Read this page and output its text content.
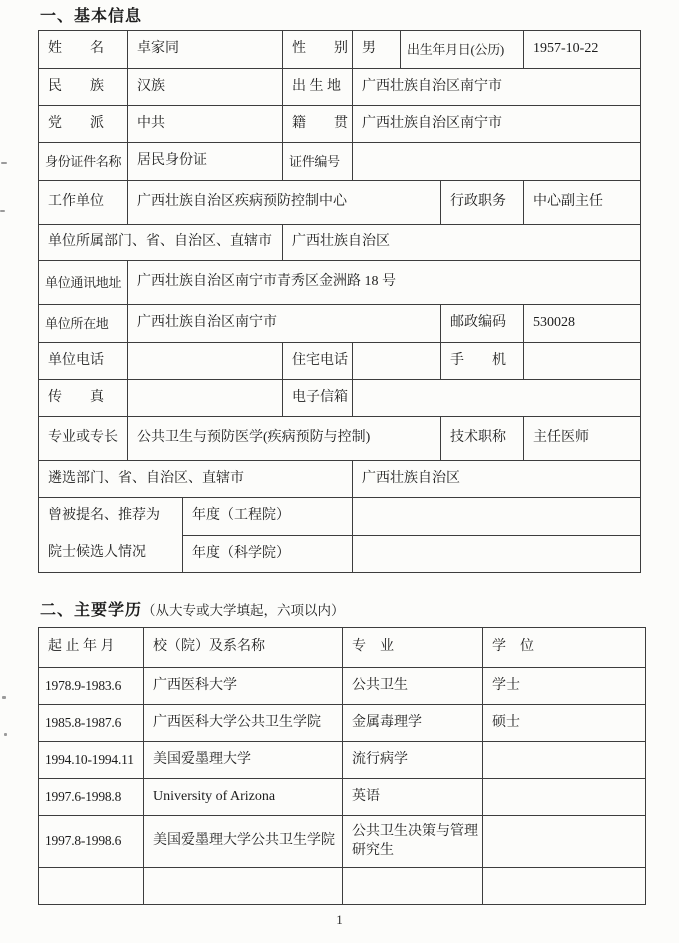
一、基本信息
姓　　名	卓家同		性　　别	男	出生年月日(公历)		1957-10-22
民　　族	汉族		出 生 地	广西壮族自治区南宁市			
党　　派	中共		籍　　贯	广西壮族自治区南宁市			
身份证件名称	居民身份证		证件编号				
工作单位	广西壮族自治区疾病预防控制中心					行政职务	中心副主任
单位所属部门、省、自治区、直辖市			广西壮族自治区				
单位通讯地址	广西壮族自治区南宁市青秀区金洲路 18 号						
单位所在地	广西壮族自治区南宁市					邮政编码	530028
单位电话			住宅电话			手　　机	
传　　真			电子信箱				
专业或专长	公共卫生与预防医学(疾病预防与控制)					技术职称	主任医师
遴选部门、省、自治区、直辖市				广西壮族自治区			

曾被提名、推荐为
院士候选人情况		年度（工程院）					
		年度（科学院）					
二、主要学历（从大专或大学填起，六项以内）
起 止 年 月	校（院）及系名称	专　业	学　位
1978.9-1983.6	广西医科大学	公共卫生	学士
1985.8-1987.6	广西医科大学公共卫生学院	金属毒理学	硕士
1994.10-1994.11	美国爱墨理大学	流行病学	
1997.6-1998.8	University of Arizona	英语	
1997.8-1998.6	美国爱墨理大学公共卫生学院	公共卫生决策与管理研究生	

1
